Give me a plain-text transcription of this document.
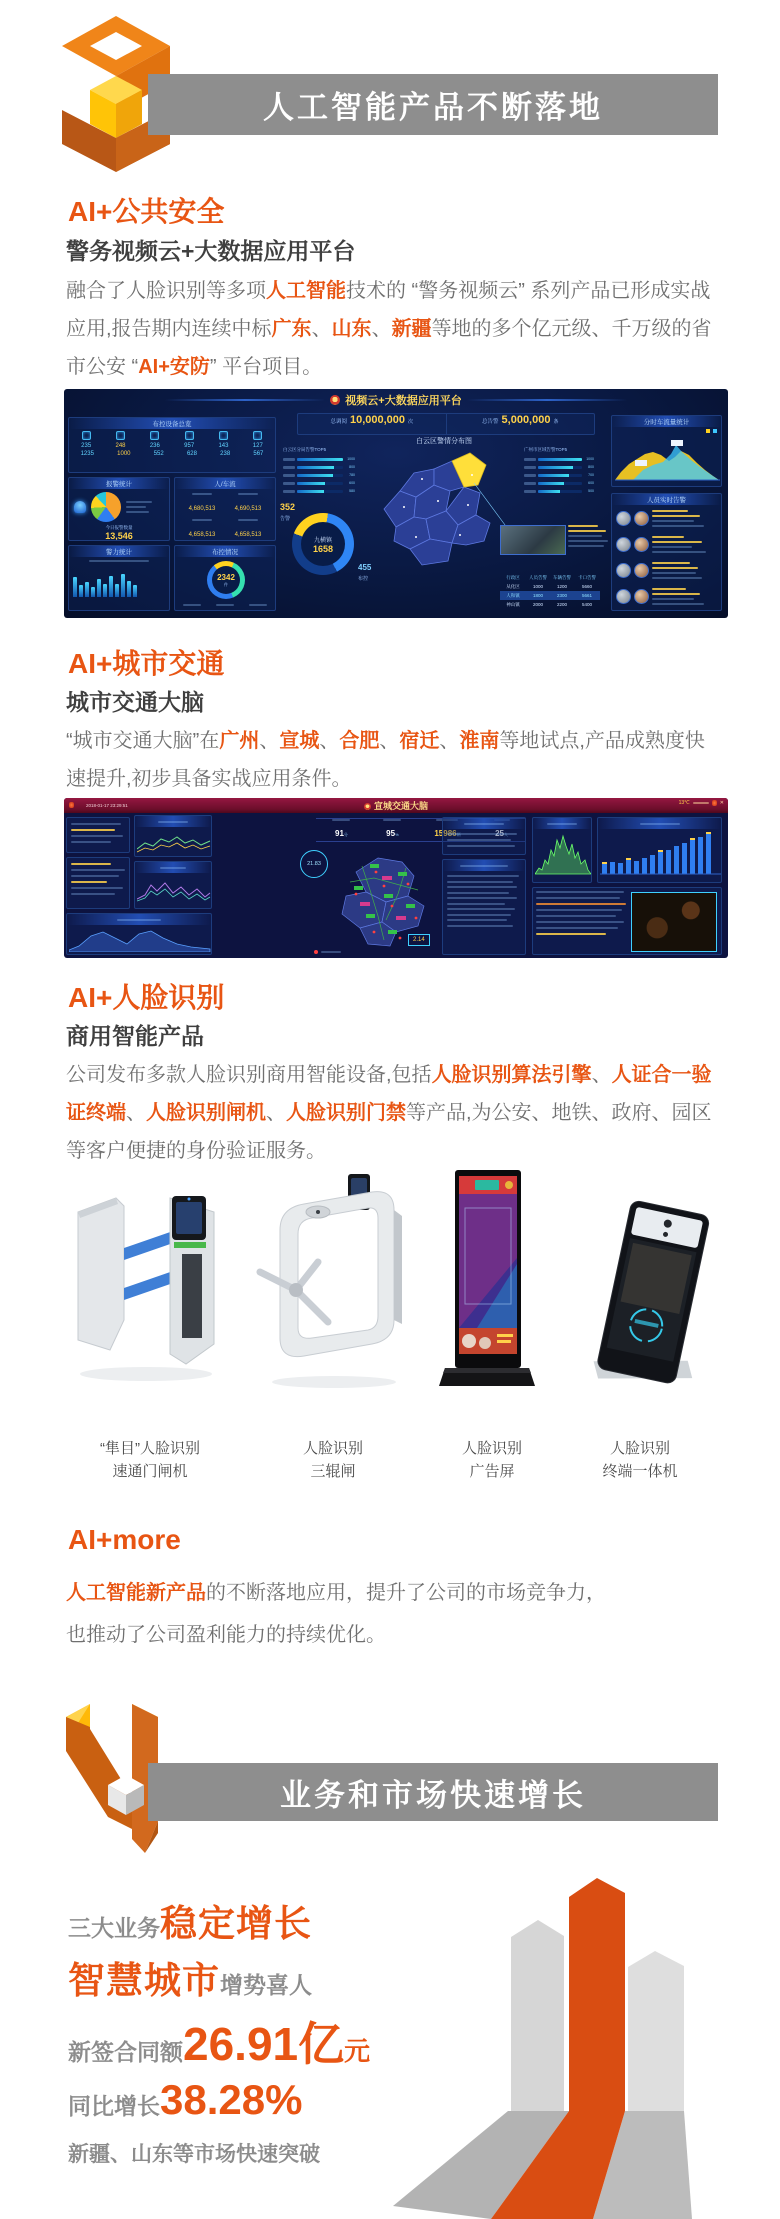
人工智能产品不断落地
AI+公共安全
警务视频云+大数据应用平台

融合了人脸识别等多项人工智能技术的 “警务视频云” 系列产品已形成实战应用,报告期内连续中标广东、山东、新疆等地的多个亿元级、千万级的省市公安 “AI+安防” 平台项目。

视频云+大数据应用平台
布控设备总览
235	248	236	957	143	127
1235	1000	552	628	238	567
报警统计
今日报警数量
13,546
人/车流
4,680,513	4,690,513
4,658,513	4,658,513
警力统计	布控情况
2342
件
总调阅 10,000,000 次	总告警 5,000,000 条
白云区警情分布图
白云区分局告警TOP5
1000
800
780
600
580
广州市区域告警TOP5
1000
800
700
600
500
352
告警
九横镇
1658
455
布控	行政区	人员告警	车辆告警	卡口告警
从化区	1000	1200	5660
人和镇	1800	2300	5661
神山镇	2000	2200	5400
分时车流量统计
人员实时告警
AI+城市交通
城市交通大脑

“城市交通大脑”在广州、宣城、合肥、宿迁、淮南等地试点,产品成熟度快速提升,初步具备实战应用条件。

2018-01-17 23:29:51	宣城交通大脑	13℃	✕
91分	95%	15986辆	25人
21.83
2.14
AI+人脸识别
商用智能产品

公司发布多款人脸识别商用智能设备,包括人脸识别算法引擎、人证合一验证终端、人脸识别闸机、人脸识别门禁等产品,为公安、地铁、政府、园区等客户便捷的身份验证服务。

“隼目”人脸识别
速通门闸机
人脸识别
三辊闸
人脸识别
广告屏
人脸识别
终端一体机
AI+more

人工智能新产品的不断落地应用，提升了公司的市场竞争力，
也推动了公司盈利能力的持续优化。

业务和市场快速增长
三大业务 稳定增长
智慧城市 增势喜人
新签合同额 26.91亿 元
同比增长 38.28%
新疆、山东等市场快速突破
